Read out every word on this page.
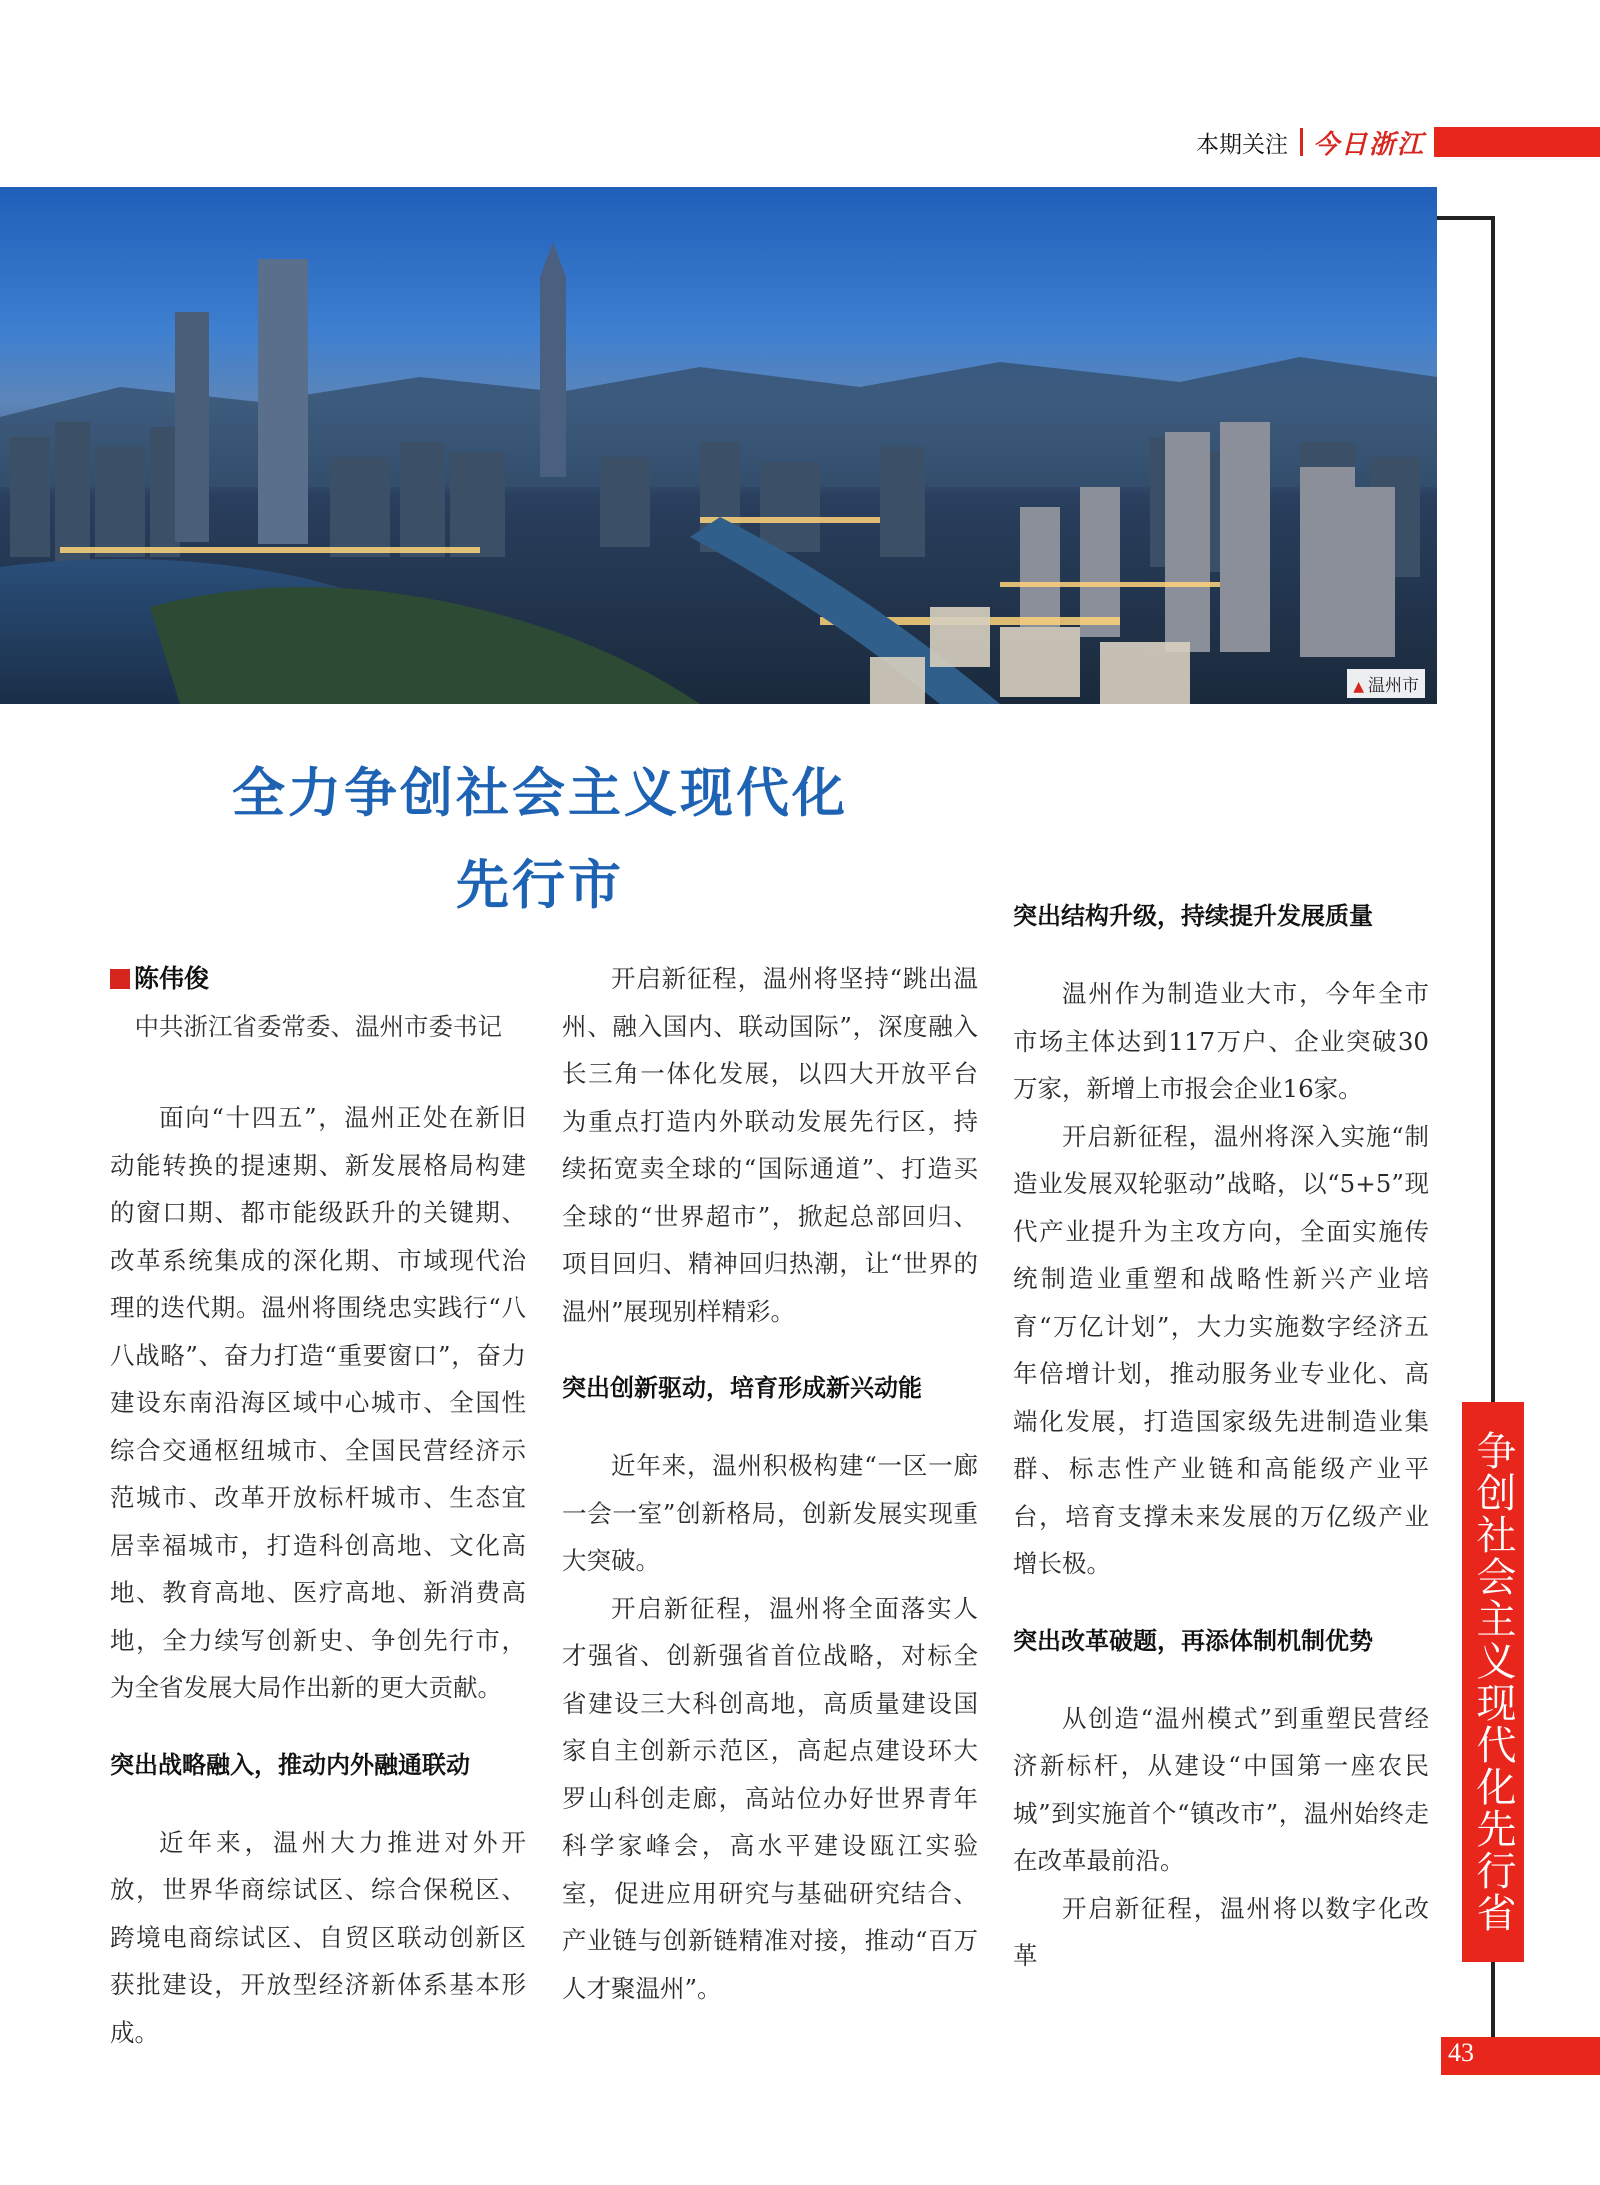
本期关注 今日浙江
▲ 温州市
争创社会主义现代化先行省
43
全力争创社会主义现代化
先行市

陈伟俊

中共浙江省委常委、温州市委书记

面向“十四五”，温州正处在新旧动能转换的提速期、新发展格局构建的窗口期、都市能级跃升的关键期、改革系统集成的深化期、市域现代治理的迭代期。温州将围绕忠实践行“八八战略”、奋力打造“重要窗口”，奋力建设东南沿海区域中心城市、全国性综合交通枢纽城市、全国民营经济示范城市、改革开放标杆城市、生态宜居幸福城市，打造科创高地、文化高地、教育高地、医疗高地、新消费高地，全力续写创新史、争创先行市，为全省发展大局作出新的更大贡献。

突出战略融入，推动内外融通联动

近年来，温州大力推进对外开放，世界华商综试区、综合保税区、跨境电商综试区、自贸区联动创新区获批建设，开放型经济新体系基本形成。

开启新征程，温州将坚持“跳出温州、融入国内、联动国际”，深度融入长三角一体化发展，以四大开放平台为重点打造内外联动发展先行区，持续拓宽卖全球的“国际通道”、打造买全球的“世界超市”，掀起总部回归、项目回归、精神回归热潮，让“世界的温州”展现别样精彩。

突出创新驱动，培育形成新兴动能

近年来，温州积极构建“一区一廊一会一室”创新格局，创新发展实现重大突破。

开启新征程，温州将全面落实人才强省、创新强省首位战略，对标全省建设三大科创高地，高质量建设国家自主创新示范区，高起点建设环大罗山科创走廊，高站位办好世界青年科学家峰会，高水平建设瓯江实验室，促进应用研究与基础研究结合、产业链与创新链精准对接，推动“百万人才聚温州”。

突出结构升级，持续提升发展质量

温州作为制造业大市，今年全市市场主体达到117万户、企业突破30万家，新增上市报会企业16家。

开启新征程，温州将深入实施“制造业发展双轮驱动”战略，以“5+5”现代产业提升为主攻方向，全面实施传统制造业重塑和战略性新兴产业培育“万亿计划”，大力实施数字经济五年倍增计划，推动服务业专业化、高端化发展，打造国家级先进制造业集群、标志性产业链和高能级产业平台，培育支撑未来发展的万亿级产业增长极。

突出改革破题，再添体制机制优势

从创造“温州模式”到重塑民营经济新标杆，从建设“中国第一座农民城”到实施首个“镇改市”，温州始终走在改革最前沿。

开启新征程，温州将以数字化改革
